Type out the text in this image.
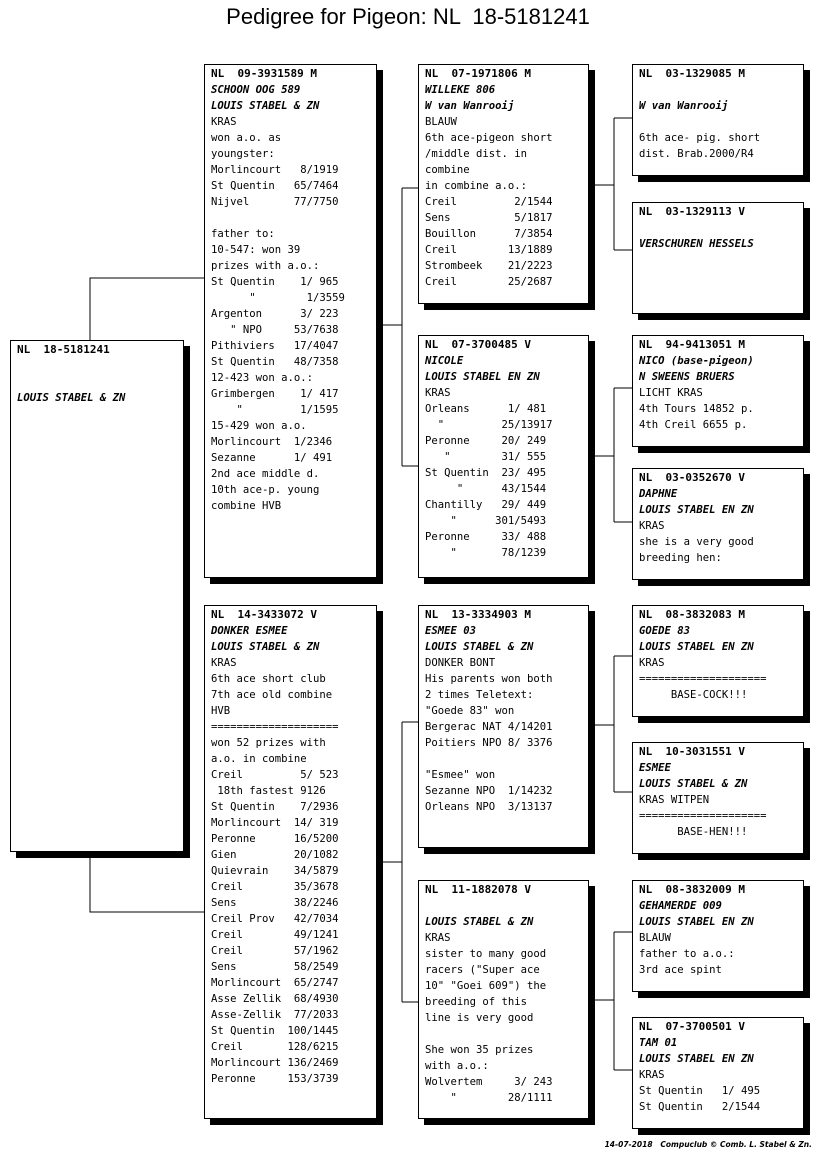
Pedigree for Pigeon: NL  18-5181241
NL  18-5181241
LOUIS STABEL & ZN
NL  09-3931589 M
SCHOON OOG 589
LOUIS STABEL & ZN
KRAS
won a.o. as
youngster:
Morlincourt   8/1919
St Quentin   65/7464
Nijvel       77/7750
father to:
10-547: won 39
prizes with a.o.:
St Quentin    1/ 965
"        1/3559
Argenton      3/ 223
" NPO     53/7638
Pithiviers   17/4047
St Quentin   48/7358
12-423 won a.o.:
Grimbergen    1/ 417
"         1/1595
15-429 won a.o.
Morlincourt  1/2346
Sezanne      1/ 491
2nd ace middle d.
10th ace-p. young
combine HVB
NL  14-3433072 V
DONKER ESMEE
LOUIS STABEL & ZN
KRAS
6th ace short club
7th ace old combine
HVB
====================
won 52 prizes with
a.o. in combine
Creil         5/ 523
18th fastest 9126
St Quentin    7/2936
Morlincourt  14/ 319
Peronne      16/5200
Gien         20/1082
Quievrain    34/5879
Creil        35/3678
Sens         38/2246
Creil Prov   42/7034
Creil        49/1241
Creil        57/1962
Sens         58/2549
Morlincourt  65/2747
Asse Zellik  68/4930
Asse-Zellik  77/2033
St Quentin  100/1445
Creil       128/6215
Morlincourt 136/2469
Peronne     153/3739
NL  07-1971806 M
WILLEKE 806
W van Wanrooij
BLAUW
6th ace-pigeon short
/middle dist. in
combine
in combine a.o.:
Creil         2/1544
Sens          5/1817
Bouillon      7/3854
Creil        13/1889
Strombeek    21/2223
Creil        25/2687
NL  07-3700485 V
NICOLE
LOUIS STABEL EN ZN
KRAS
Orleans      1/ 481
"         25/13917
Peronne     20/ 249
"        31/ 555
St Quentin  23/ 495
"      43/1544
Chantilly   29/ 449
"      301/5493
Peronne     33/ 488
"       78/1239
NL  13-3334903 M
ESMEE 03
LOUIS STABEL & ZN
DONKER BONT
His parents won both
2 times Teletext:
"Goede 83" won
Bergerac NAT 4/14201
Poitiers NPO 8/ 3376
"Esmee" won
Sezanne NPO  1/14232
Orleans NPO  3/13137
NL  11-1882078 V
LOUIS STABEL & ZN
KRAS
sister to many good
racers ("Super ace
10" "Goei 609") the
breeding of this
line is very good
She won 35 prizes
with a.o.:
Wolvertem     3/ 243
"        28/1111
NL  03-1329085 M
W van Wanrooij
6th ace- pig. short
dist. Brab.2000/R4
NL  03-1329113 V
VERSCHUREN HESSELS
NL  94-9413051 M
NICO (base-pigeon)
N SWEENS BRUERS
LICHT KRAS
4th Tours 14852 p.
4th Creil 6655 p.
NL  03-0352670 V
DAPHNE
LOUIS STABEL EN ZN
KRAS
she is a very good
breeding hen:
NL  08-3832083 M
GOEDE 83
LOUIS STABEL EN ZN
KRAS
====================
BASE-COCK!!!
NL  10-3031551 V
ESMEE
LOUIS STABEL & ZN
KRAS WITPEN
====================
BASE-HEN!!!
NL  08-3832009 M
GEHAMERDE 009
LOUIS STABEL EN ZN
BLAUW
father to a.o.:
3rd ace spint
NL  07-3700501 V
TAM 01
LOUIS STABEL EN ZN
KRAS
St Quentin   1/ 495
St Quentin   2/1544
14-07-2018   Compuclub © Comb. L. Stabel & Zn.
